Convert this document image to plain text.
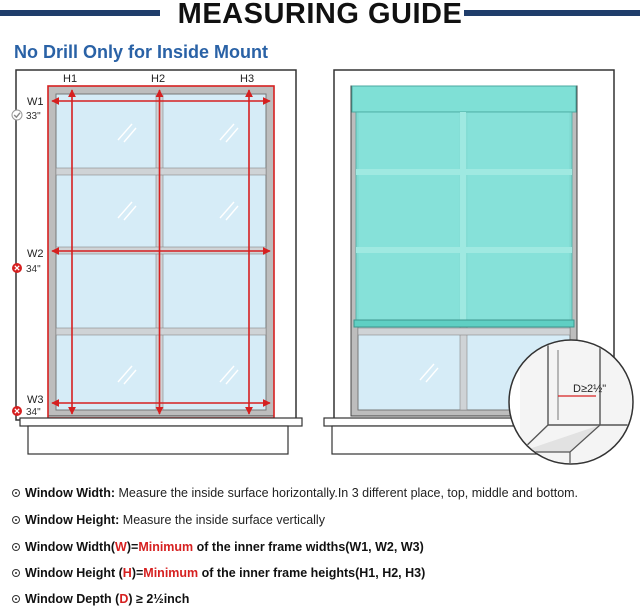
MEASURING GUIDE
No Drill Only for Inside Mount
H1	H2	H3
W1
W2
W3
33"
34"
34"
D≥2½"
Window Width: Measure the inside surface horizontally.In 3 different place, top, middle and bottom.
Window Height: Measure the inside surface vertically
Window Width(W)=Minimum of the inner frame widths(W1, W2, W3)
Window Height (H)=Minimum of the inner frame heights(H1, H2, H3)
Window Depth (D) ≥ 2½inch
